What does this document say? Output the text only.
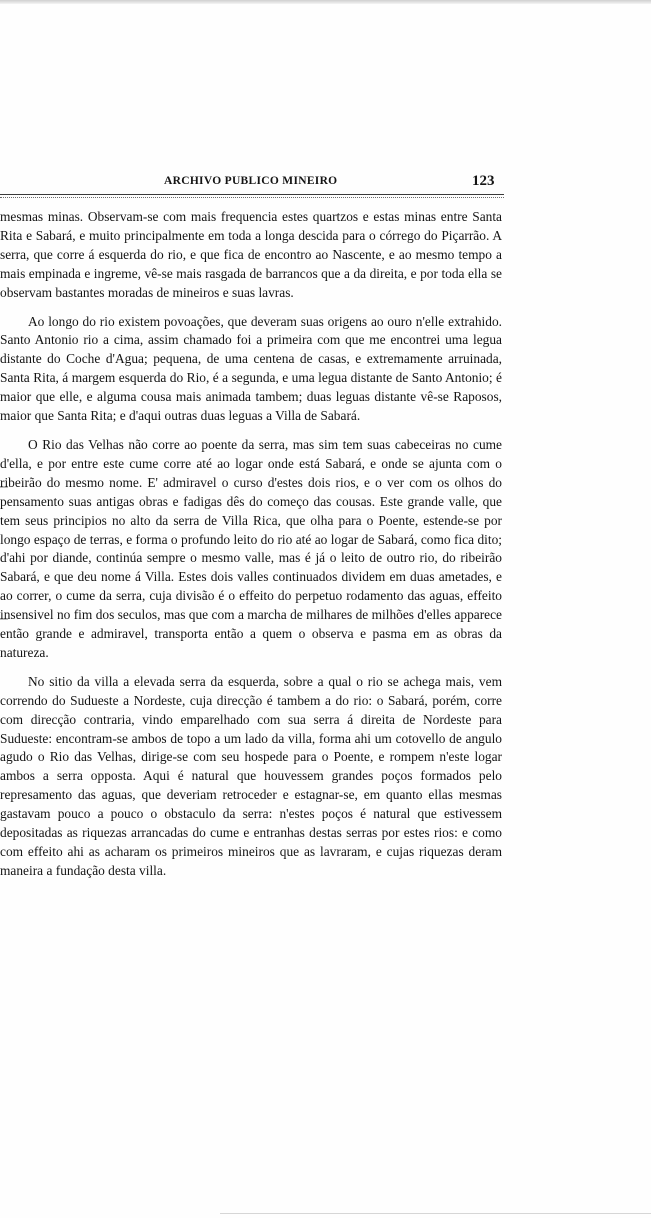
ARCHIVO PUBLICO MINEIRO	123

mesmas minas. Observam-se com mais frequencia estes quartzos e estas minas entre Santa Rita e Sabará, e muito principalmente em toda a longa descida para o córrego do Piçarrão. A serra, que corre á esquerda do rio, e que fica de encontro ao Nascente, e ao mesmo tempo a mais empinada e ingreme, vê-se mais rasgada de barrancos que a da direita, e por toda ella se observam bastantes moradas de mineiros e suas lavras.

Ao longo do rio existem povoações, que deveram suas origens ao ouro n'elle extrahido. Santo Antonio rio a cima, assim chamado foi a primeira com que me encontrei uma legua distante do Coche d'Agua; pequena, de uma centena de casas, e extremamente arruinada, Santa Rita, á margem esquerda do Rio, é a segunda, e uma legua distante de Santo Antonio; é maior que elle, e alguma cousa mais animada tambem; duas leguas distante vê-se Raposos, maior que Santa Rita; e d'aqui outras duas leguas a Villa de Sabará.

O Rio das Velhas não corre ao poente da serra, mas sim tem suas cabeceiras no cume d'ella, e por entre este cume corre até ao logar onde está Sabará, e onde se ajunta com o ribeirão do mesmo nome. E' admiravel o curso d'estes dois rios, e o ver com os olhos do pensamento suas antigas obras e fadigas dês do começo das cousas. Este grande valle, que tem seus principios no alto da serra de Villa Rica, que olha para o Poente, estende-se por longo espaço de terras, e forma o profundo leito do rio até ao logar de Sabará, como fica dito; d'ahi por diande, continúa sempre o mesmo valle, mas é já o leito de outro rio, do ribeirão Sabará, e que deu nome á Villa. Estes dois valles continuados dividem em duas ametades, e ao correr, o cume da serra, cuja divisão é o effeito do perpetuo rodamento das aguas, effeito insensivel no fim dos seculos, mas que com a marcha de milhares de milhões d'elles apparece então grande e admiravel, transporta então a quem o observa e pasma em as obras da natureza.

No sitio da villa a elevada serra da esquerda, sobre a qual o rio se achega mais, vem correndo do Sudueste a Nordeste, cuja direcção é tambem a do rio: o Sabará, porém, corre com direcção contraria, vindo emparelhado com sua serra á direita de Nordeste para Sudueste: encontram-se ambos de topo a um lado da villa, forma ahi um cotovello de angulo agudo o Rio das Velhas, dirige-se com seu hospede para o Poente, e rompem n'este logar ambos a serra opposta. Aqui é natural que houvessem grandes poços formados pelo represamento das aguas, que deveriam retroceder e estagnar-se, em quanto ellas mesmas gastavam pouco a pouco o obstaculo da serra: n'estes poços é natural que estivessem depositadas as riquezas arrancadas do cume e entranhas destas serras por estes rios: e como com effeito ahi as acharam os primeiros mineiros que as lavraram, e cujas riquezas deram maneira a fundação desta villa.
